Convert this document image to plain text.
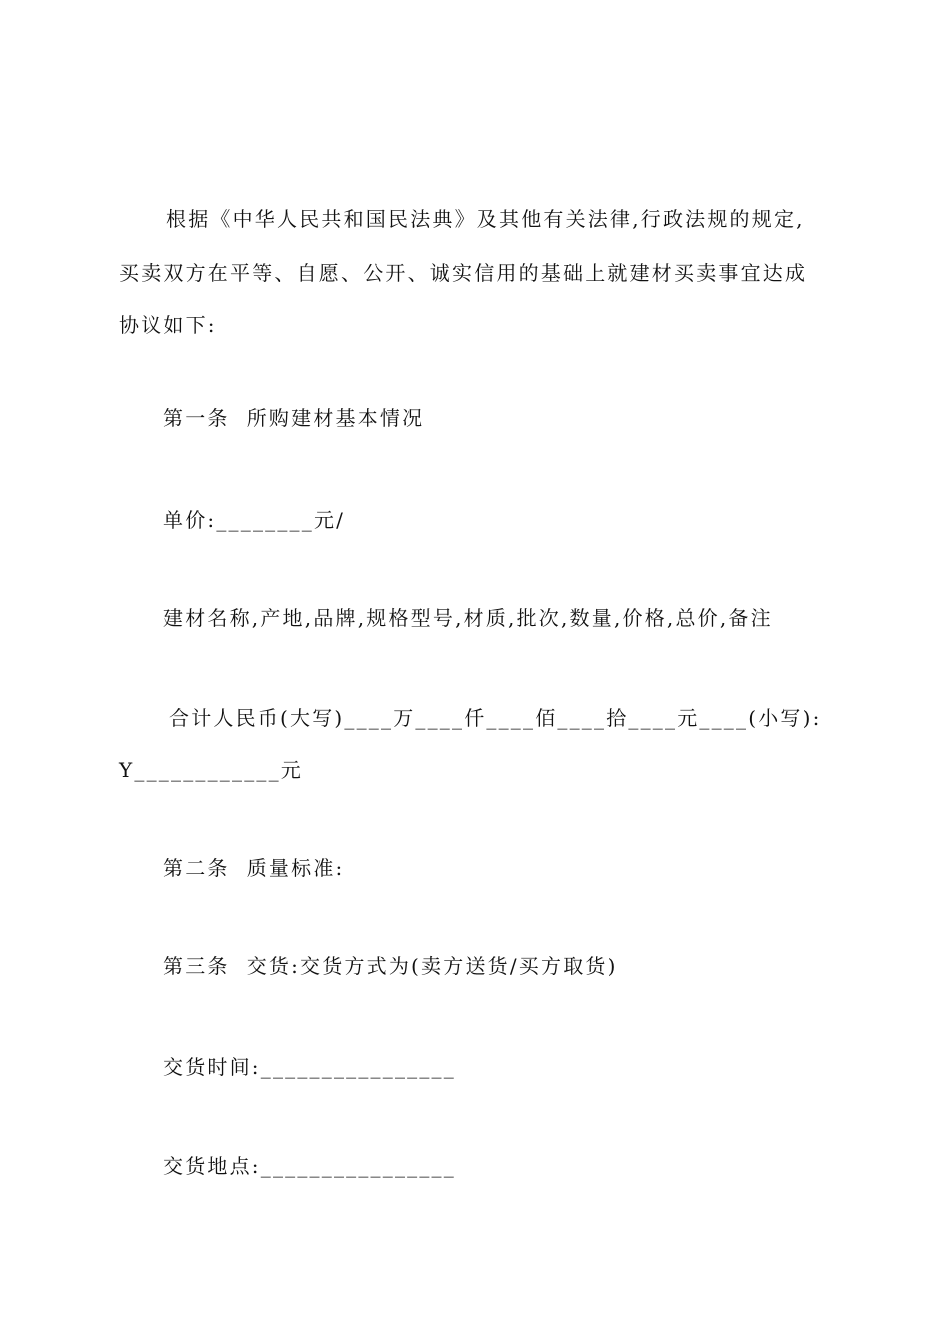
根据《中华人民共和国民法典》及其他有关法律,行政法规的规定,
买卖双方在平等、自愿、公开、诚实信用的基础上就建材买卖事宜达成
协议如下:
第一条  所购建材基本情况
单价:________元/
建材名称,产地,品牌,规格型号,材质,批次,数量,价格,总价,备注
合计人民币(大写)____万____仟____佰____拾____元____(小写):
Y____________元
第二条  质量标准:
第三条  交货:交货方式为(卖方送货/买方取货)
交货时间:________________
交货地点:________________
